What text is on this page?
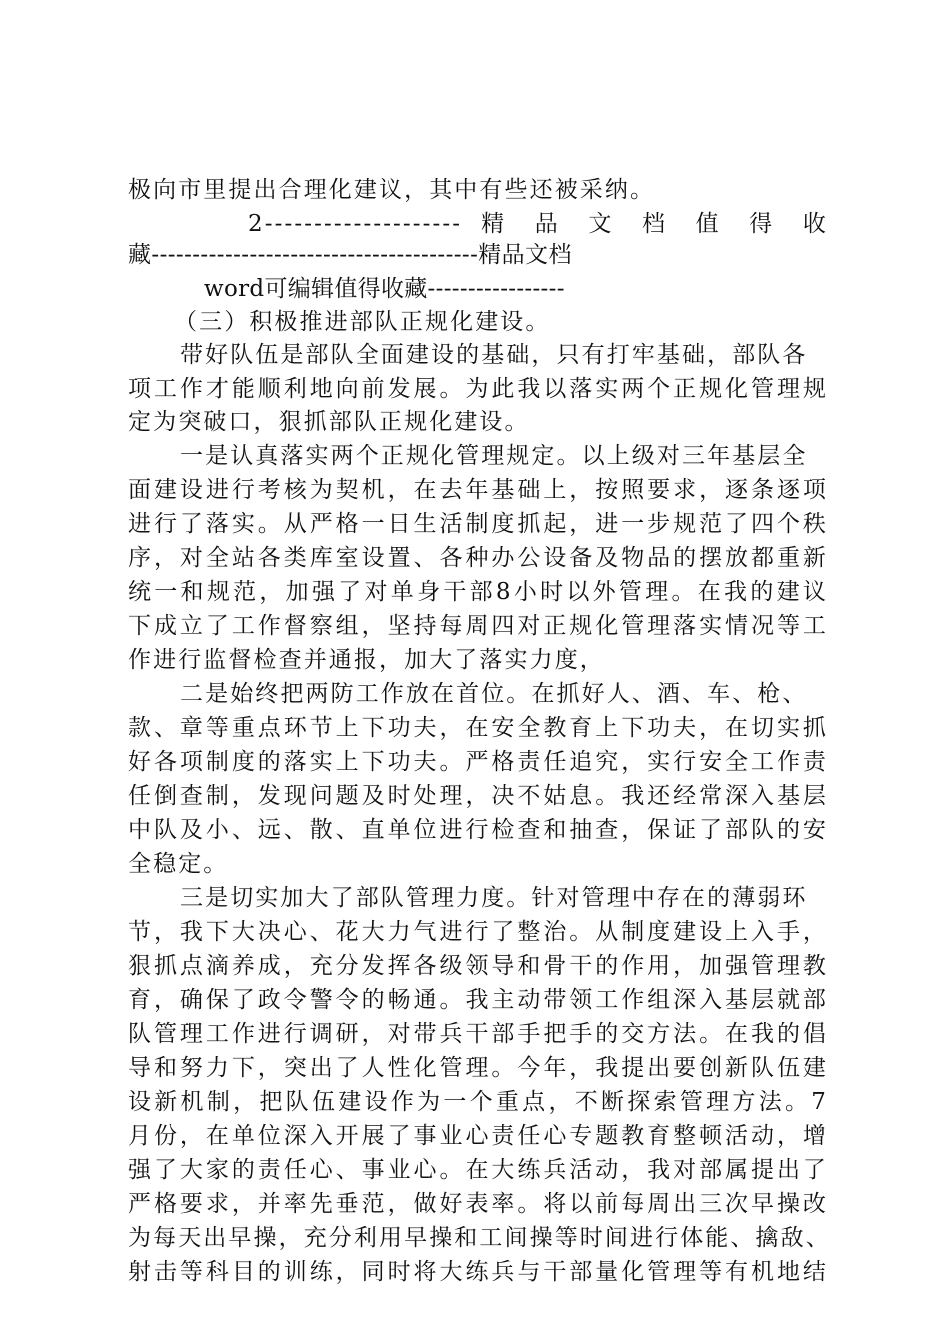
极向市里提出合理化建议，其中有些还被采纳。
2-------------------- 精 品 文 档 值 得 收
藏----------------------------------------精品文档
word可编辑值得收藏-----------------
（三）积极推进部队正规化建设。
带好队伍是部队全面建设的基础，只有打牢基础，部队各
项工作才能顺利地向前发展。为此我以落实两个正规化管理规
定为突破口，狠抓部队正规化建设。
一是认真落实两个正规化管理规定。以上级对三年基层全
面建设进行考核为契机，在去年基础上，按照要求，逐条逐项
进行了落实。从严格一日生活制度抓起，进一步规范了四个秩
序，对全站各类库室设置、各种办公设备及物品的摆放都重新
统一和规范，加强了对单身干部8小时以外管理。在我的建议
下成立了工作督察组，坚持每周四对正规化管理落实情况等工
作进行监督检查并通报，加大了落实力度，
二是始终把两防工作放在首位。在抓好人、酒、车、枪、
款、章等重点环节上下功夫，在安全教育上下功夫，在切实抓
好各项制度的落实上下功夫。严格责任追究，实行安全工作责
任倒查制，发现问题及时处理，决不姑息。我还经常深入基层
中队及小、远、散、直单位进行检查和抽查，保证了部队的安
全稳定。
三是切实加大了部队管理力度。针对管理中存在的薄弱环
节，我下大决心、花大力气进行了整治。从制度建设上入手，
狠抓点滴养成，充分发挥各级领导和骨干的作用，加强管理教
育，确保了政令警令的畅通。我主动带领工作组深入基层就部
队管理工作进行调研，对带兵干部手把手的交方法。在我的倡
导和努力下，突出了人性化管理。今年，我提出要创新队伍建
设新机制，把队伍建设作为一个重点，不断探索管理方法。7
月份，在单位深入开展了事业心责任心专题教育整顿活动，增
强了大家的责任心、事业心。在大练兵活动，我对部属提出了
严格要求，并率先垂范，做好表率。将以前每周出三次早操改
为每天出早操，充分利用早操和工间操等时间进行体能、擒敌、
射击等科目的训练，同时将大练兵与干部量化管理等有机地结
